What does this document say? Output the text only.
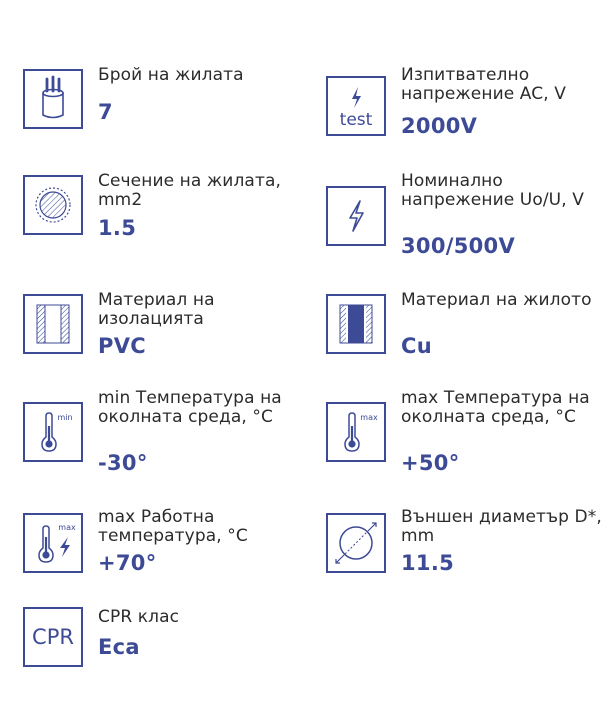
Брой на жилата
7	test
Изпитвателно напрежение AC, V
2000V
Сечение на жилата, mm2
1.5
Номинално напрежение Uo/U, V
300/500V
Материал на изолацията
PVC
Материал на жилото
Cu
min
min Температура на околната среда, °C
-30°
max
max Температура на околната среда, °C
+50°
max
max Работна температура, °C
+70°
Външен диаметър D*, mm
11.5
CPR
CPR клас
Eca
